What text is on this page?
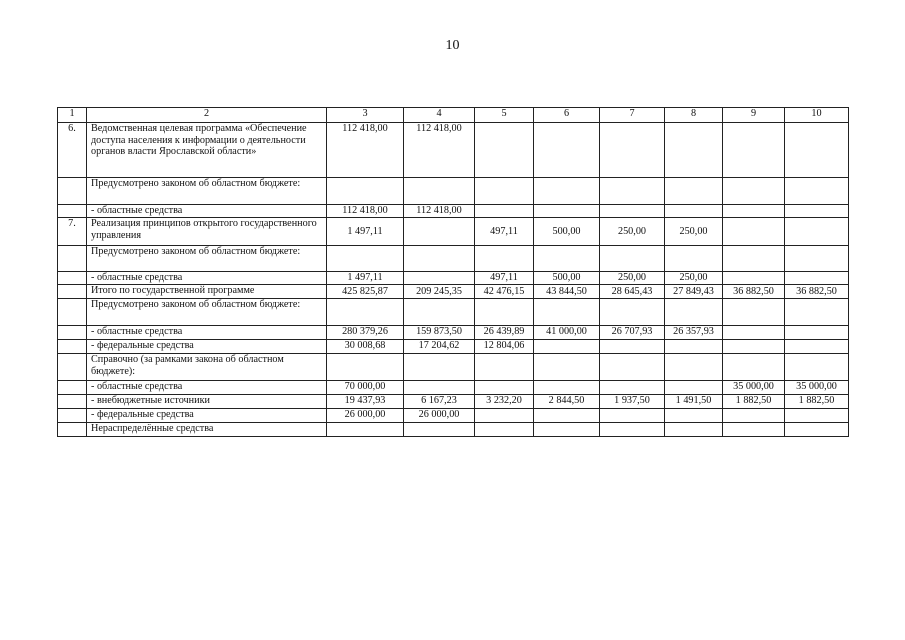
10
1	2	3	4	5	6	7	8	9	10
6.	Ведомственная целевая программа «Обеспечение доступа населения к информации о деятельности органов власти Ярославской области»	112 418,00	112 418,00						
	Предусмотрено законом об областном бюджете:								
	- областные средства	112 418,00	112 418,00						
7.	Реализация принципов открытого государственного управления	1 497,11		497,11	500,00	250,00	250,00		
	Предусмотрено законом об областном бюджете:								
	- областные средства	1 497,11		497,11	500,00	250,00	250,00		
	Итого по государственной программе	425 825,87	209 245,35	42 476,15	43 844,50	28 645,43	27 849,43	36 882,50	36 882,50
	Предусмотрено законом об областном бюджете:								
	- областные средства	280 379,26	159 873,50	26 439,89	41 000,00	26 707,93	26 357,93		
	- федеральные средства	30 008,68	17 204,62	12 804,06					
	Справочно (за рамками закона об областном бюджете):								
	- областные средства	70 000,00						35 000,00	35 000,00
	- внебюджетные источники	19 437,93	6 167,23	3 232,20	2 844,50	1 937,50	1 491,50	1 882,50	1 882,50
	- федеральные средства	26 000,00	26 000,00						
	Нераспределённые средства								
